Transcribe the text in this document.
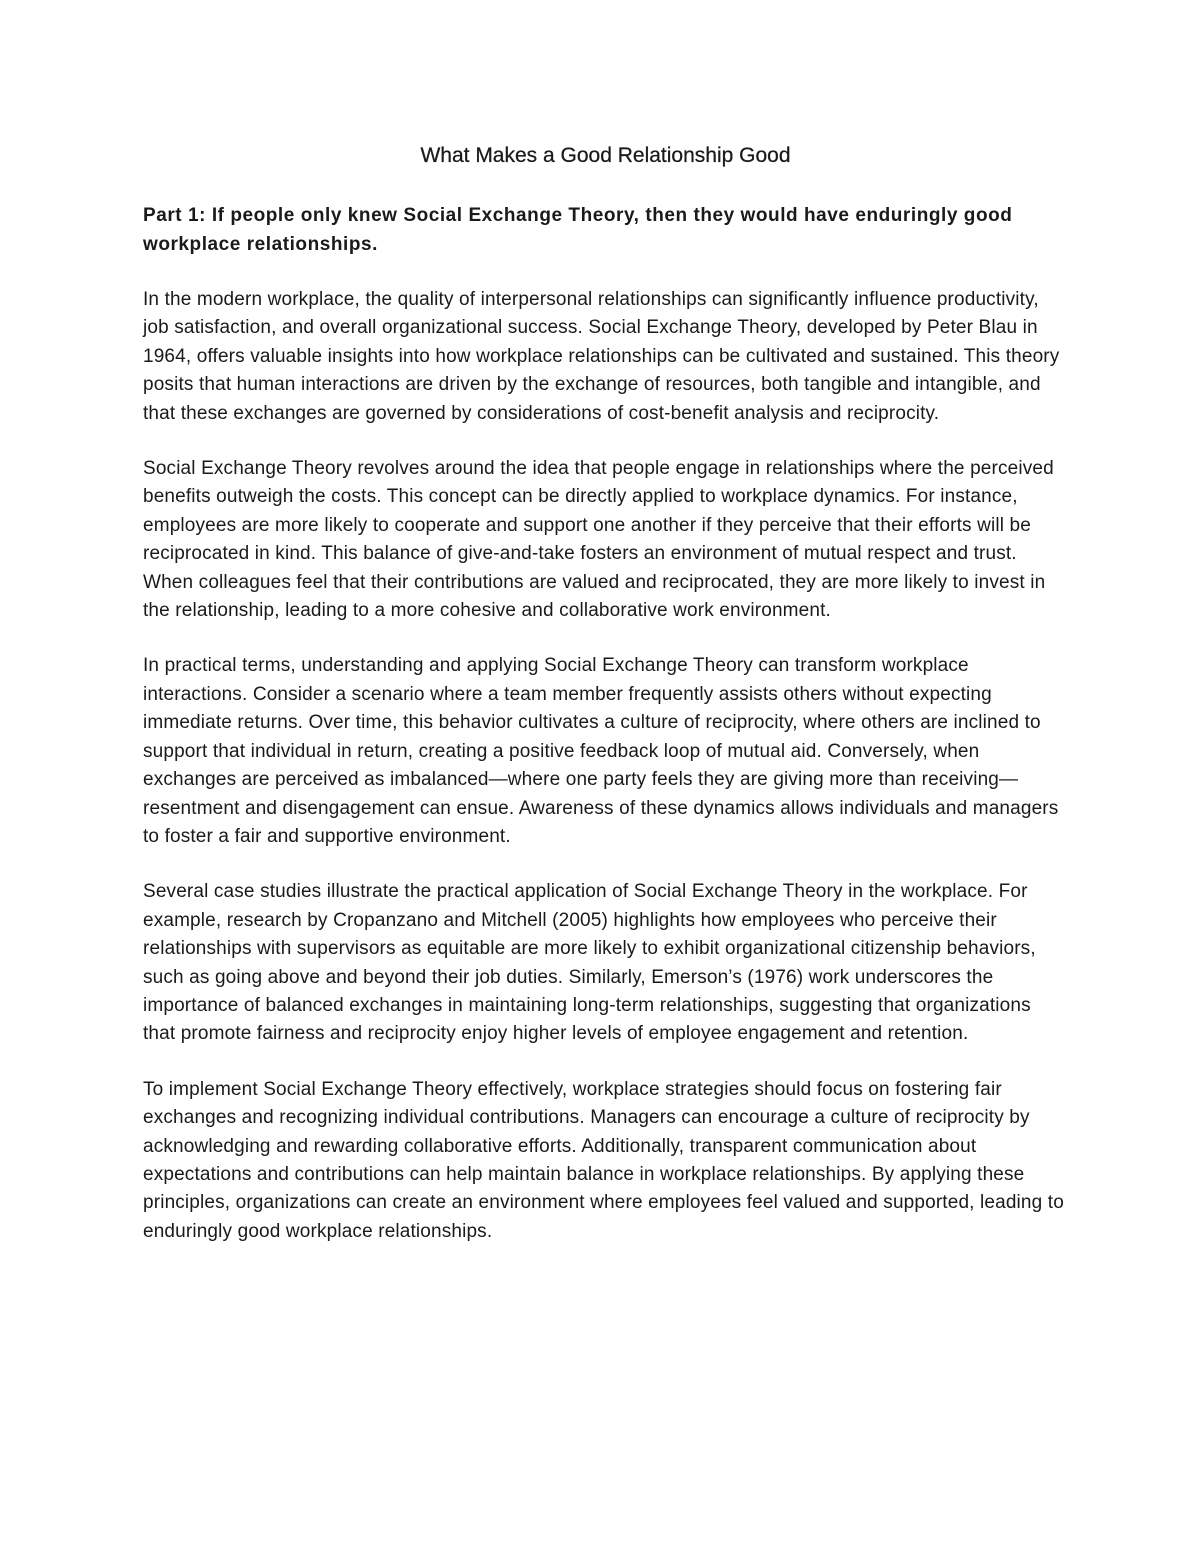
What Makes a Good Relationship Good

Part 1: If people only knew Social Exchange Theory, then they would have enduringly good workplace relationships.

In the modern workplace, the quality of interpersonal relationships can significantly influence productivity, job satisfaction, and overall organizational success. Social Exchange Theory, developed by Peter Blau in 1964, offers valuable insights into how workplace relationships can be cultivated and sustained. This theory posits that human interactions are driven by the exchange of resources, both tangible and intangible, and that these exchanges are governed by considerations of cost-benefit analysis and reciprocity.

Social Exchange Theory revolves around the idea that people engage in relationships where the perceived benefits outweigh the costs. This concept can be directly applied to workplace dynamics. For instance, employees are more likely to cooperate and support one another if they perceive that their efforts will be reciprocated in kind. This balance of give-and-take fosters an environment of mutual respect and trust. When colleagues feel that their contributions are valued and reciprocated, they are more likely to invest in the relationship, leading to a more cohesive and collaborative work environment.

In practical terms, understanding and applying Social Exchange Theory can transform workplace interactions. Consider a scenario where a team member frequently assists others without expecting immediate returns. Over time, this behavior cultivates a culture of reciprocity, where others are inclined to support that individual in return, creating a positive feedback loop of mutual aid. Conversely, when exchanges are perceived as imbalanced—where one party feels they are giving more than receiving—resentment and disengagement can ensue. Awareness of these dynamics allows individuals and managers to foster a fair and supportive environment.

Several case studies illustrate the practical application of Social Exchange Theory in the workplace. For example, research by Cropanzano and Mitchell (2005) highlights how employees who perceive their relationships with supervisors as equitable are more likely to exhibit organizational citizenship behaviors, such as going above and beyond their job duties. Similarly, Emerson’s (1976) work underscores the importance of balanced exchanges in maintaining long-term relationships, suggesting that organizations that promote fairness and reciprocity enjoy higher levels of employee engagement and retention.

To implement Social Exchange Theory effectively, workplace strategies should focus on fostering fair exchanges and recognizing individual contributions. Managers can encourage a culture of reciprocity by acknowledging and rewarding collaborative efforts. Additionally, transparent communication about expectations and contributions can help maintain balance in workplace relationships. By applying these principles, organizations can create an environment where employees feel valued and supported, leading to enduringly good workplace relationships.
